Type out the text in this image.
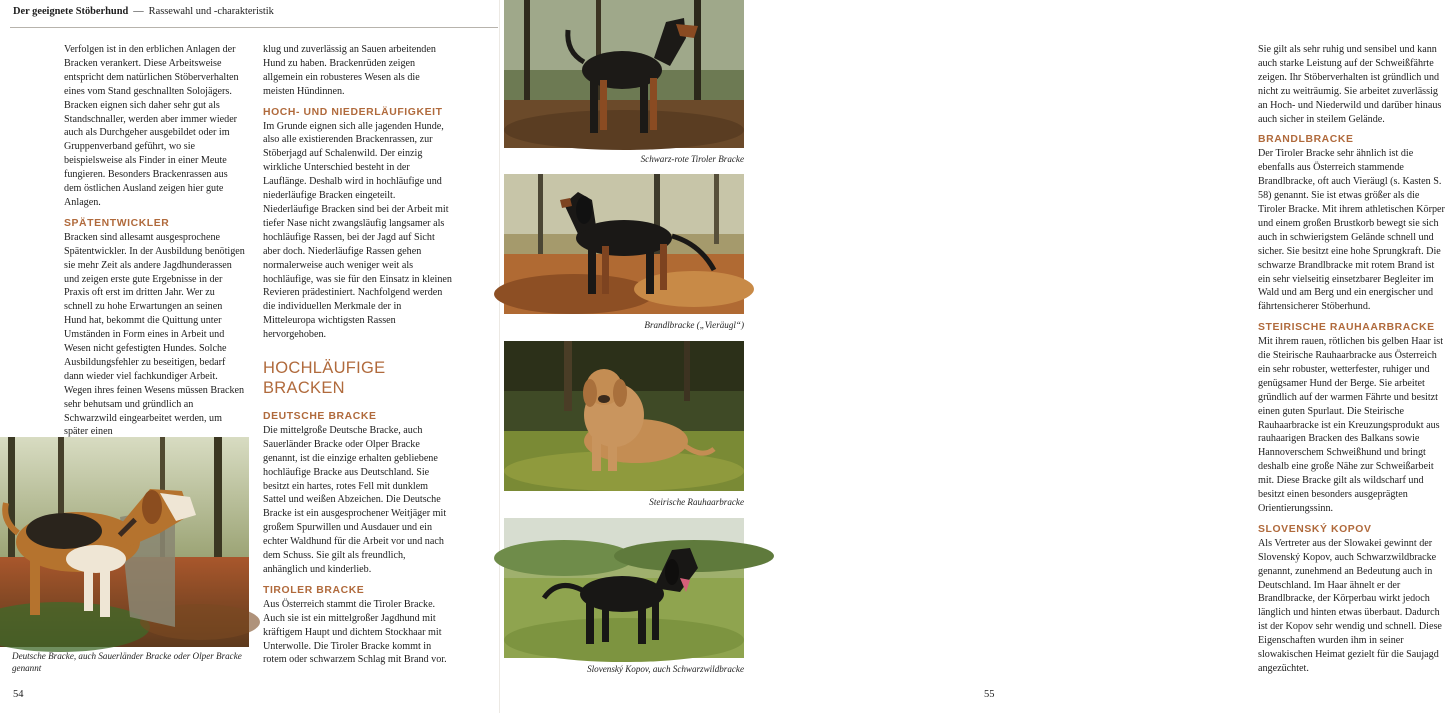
Der geeignete Stöberhund — Rassewahl und -charakteristik

Verfolgen ist in den erblichen Anlagen der Bracken verankert. Diese Arbeitsweise entspricht dem natürlichen Stöberverhalten eines vom Stand geschnallten Solojägers. Bracken eignen sich daher sehr gut als Standschnaller, werden aber immer wieder auch als Durchgeher ausgebildet oder im Gruppenverband geführt, wo sie beispielsweise als Finder in einer Meute fungieren. Besonders Brackenrassen aus dem östlichen Ausland zeigen hier gute Anlagen.

SPÄTENTWICKLER

Bracken sind allesamt ausgesprochene Spätentwickler. In der Ausbildung benötigen sie mehr Zeit als andere Jagdhunderassen und zeigen erste gute Ergebnisse in der Praxis oft erst im dritten Jahr. Wer zu schnell zu hohe Erwartungen an seinen Hund hat, bekommt die Quittung unter Umständen in Form eines in Arbeit und Wesen nicht gefestigten Hundes. Solche Ausbildungsfehler zu beseitigen, bedarf dann wieder viel fachkundiger Arbeit.

Wegen ihres feinen Wesens müssen Bracken sehr behutsam und gründlich an Schwarzwild eingearbeitet werden, um später einen

klug und zuverlässig an Sauen arbeitenden Hund zu haben. Brackenrüden zeigen allgemein ein robusteres Wesen als die meisten Hündinnen.

HOCH- UND NIEDERLÄUFIGKEIT

Im Grunde eignen sich alle jagenden Hunde, also alle existierenden Brackenrassen, zur Stöberjagd auf Schalenwild. Der einzig wirkliche Unterschied besteht in der Lauflänge. Deshalb wird in hochläufige und niederläufige Bracken eingeteilt.

Niederläufige Bracken sind bei der Arbeit mit tiefer Nase nicht zwangsläufig langsamer als hochläufige Rassen, bei der Jagd auf Sicht aber doch. Niederläufige Rassen gehen normalerweise auch weniger weit als hochläufige, was sie für den Einsatz in kleinen Revieren prädestiniert. Nachfolgend werden die individuellen Merkmale der in Mitteleuropa wichtigsten Rassen hervorgehoben.

HOCHLÄUFIGE BRACKEN
DEUTSCHE BRACKE

Die mittelgroße Deutsche Bracke, auch Sauerländer Bracke oder Olper Bracke genannt, ist die einzige erhalten gebliebene hochläufige Bracke aus Deutschland. Sie besitzt ein hartes, rotes Fell mit dunklem Sattel und weißen Abzeichen. Die Deutsche Bracke ist ein ausgesprochener Weitjäger mit großem Spurwillen und Ausdauer und ein echter Waldhund für die Arbeit vor und nach dem Schuss. Sie gilt als freundlich, anhänglich und kinderlieb.

TIROLER BRACKE

Aus Österreich stammt die Tiroler Bracke. Auch sie ist ein mittelgroßer Jagdhund mit kräftigem Haupt und dichtem Stockhaar mit Unterwolle. Die Tiroler Bracke kommt in rotem oder schwarzem Schlag mit Brand vor.

Deutsche Bracke, auch Sauerländer Bracke oder Olper Bracke genannt
54
Schwarz-rote Tiroler Bracke
Brandlbracke („Vieräugl“)
Steirische Rauhaarbracke
Slovenský Kopov, auch Schwarzwildbracke

Sie gilt als sehr ruhig und sensibel und kann auch starke Leistung auf der Schweißfährte zeigen. Ihr Stöberverhalten ist gründlich und nicht zu weiträumig. Sie arbeitet zuverlässig an Hoch- und Niederwild und darüber hinaus auch sicher in steilem Gelände.

BRANDLBRACKE

Der Tiroler Bracke sehr ähnlich ist die ebenfalls aus Österreich stammende Brandlbracke, oft auch Vieräugl (s. Kasten S. 58) genannt. Sie ist etwas größer als die Tiroler Bracke. Mit ihrem athletischen Körper und einem großen Brustkorb bewegt sie sich auch in schwierigstem Gelände schnell und sicher. Sie besitzt eine hohe Sprungkraft. Die schwarze Brandlbracke mit rotem Brand ist ein sehr vielseitig einsetzbarer Begleiter im Wald und am Berg und ein energischer und fährtensicherer Stöberhund.

STEIRISCHE RAUHAARBRACKE

Mit ihrem rauen, rötlichen bis gelben Haar ist die Steirische Rauhaarbracke aus Österreich ein sehr robuster, wetterfester, ruhiger und genügsamer Hund der Berge. Sie arbeitet gründlich auf der warmen Fährte und besitzt einen guten Spurlaut. Die Steirische Rauhaarbracke ist ein Kreuzungsprodukt aus rauhaarigen Bracken des Balkans sowie Hannoverschem Schweißhund und bringt deshalb eine große Nähe zur Schweißarbeit mit. Diese Bracke gilt als wildscharf und besitzt einen besonders ausgeprägten Orientierungssinn.

SLOVENSKÝ KOPOV

Als Vertreter aus der Slowakei gewinnt der Slovenský Kopov, auch Schwarzwildbracke genannt, zunehmend an Bedeutung auch in Deutschland. Im Haar ähnelt er der Brandlbracke, der Körperbau wirkt jedoch länglich und hinten etwas überbaut. Dadurch ist der Kopov sehr wendig und schnell. Diese Eigenschaften wurden ihm in seiner slowakischen Heimat gezielt für die Saujagd angezüchtet.

55
